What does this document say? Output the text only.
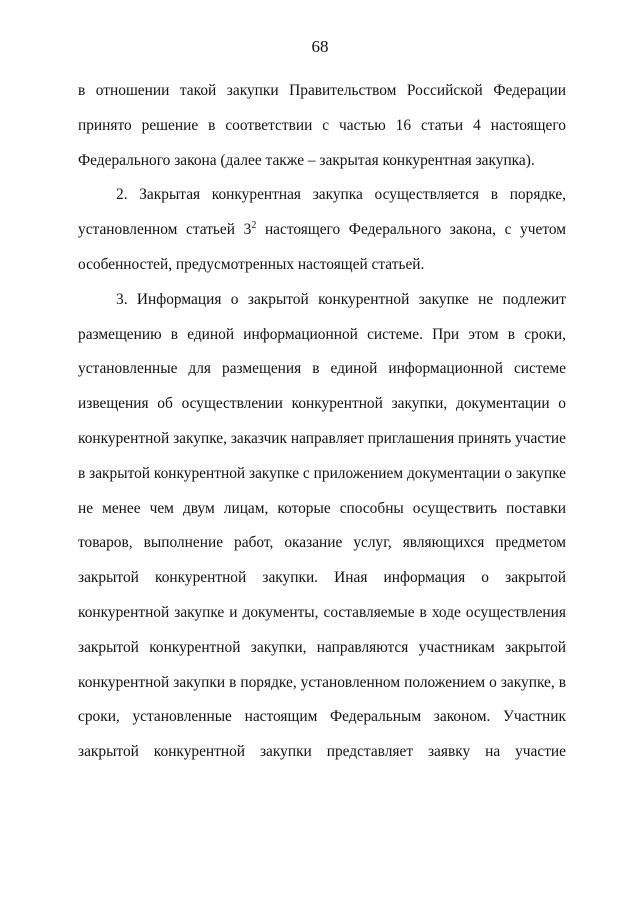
68
в отношении такой закупки Правительством Российской Федерации
принято решение в соответствии с частью 16 статьи 4 настоящего
Федерального закона (далее также – закрытая конкурентная закупка).
2. Закрытая конкурентная закупка осуществляется в порядке,
установленном статьей $3^2$ настоящего Федерального закона, с учетом
особенностей, предусмотренных настоящей статьей.
3. Информация о закрытой конкурентной закупке не подлежит
размещению в единой информационной системе. При этом в сроки,
установленные для размещения в единой информационной системе
извещения об осуществлении конкурентной закупки, документации о
конкурентной закупке, заказчик направляет приглашения принять участие
в закрытой конкурентной закупке с приложением документации о закупке
не менее чем двум лицам, которые способны осуществить поставки
товаров, выполнение работ, оказание услуг, являющихся предметом
закрытой конкурентной закупки. Иная информация о закрытой
конкурентной закупке и документы, составляемые в ходе осуществления
закрытой конкурентной закупки, направляются участникам закрытой
конкурентной закупки в порядке, установленном положением о закупке, в
сроки, установленные настоящим Федеральным законом. Участник
закрытой конкурентной закупки представляет заявку на участие
